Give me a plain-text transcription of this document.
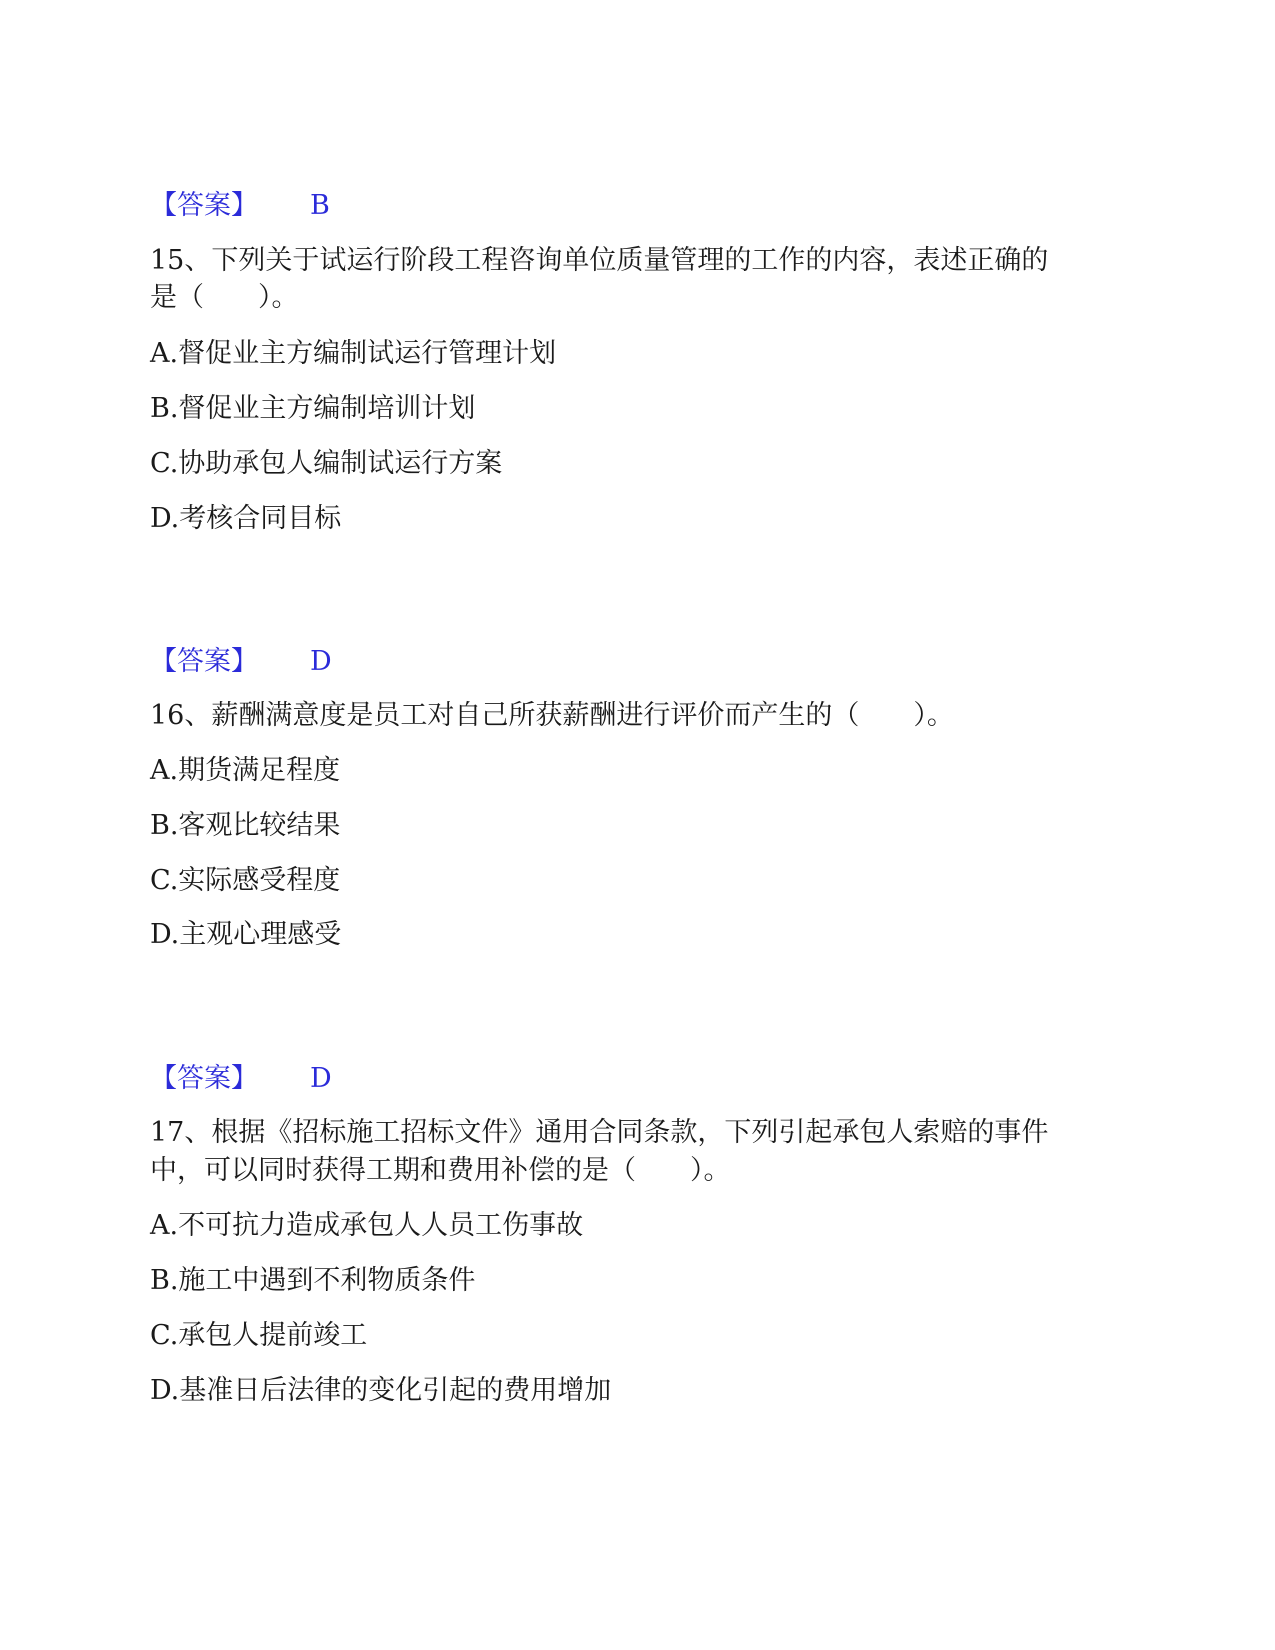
【答案】 B
15、下列关于试运行阶段工程咨询单位质量管理的工作的内容，表述正确的
是（　　）。
A.督促业主方编制试运行管理计划
B.督促业主方编制培训计划
C.协助承包人编制试运行方案
D.考核合同目标
【答案】 D
16、薪酬满意度是员工对自己所获薪酬进行评价而产生的（　　）。
A.期货满足程度
B.客观比较结果
C.实际感受程度
D.主观心理感受
【答案】 D
17、根据《招标施工招标文件》通用合同条款，下列引起承包人索赔的事件
中，可以同时获得工期和费用补偿的是（　　）。
A.不可抗力造成承包人人员工伤事故
B.施工中遇到不利物质条件
C.承包人提前竣工
D.基准日后法律的变化引起的费用增加
